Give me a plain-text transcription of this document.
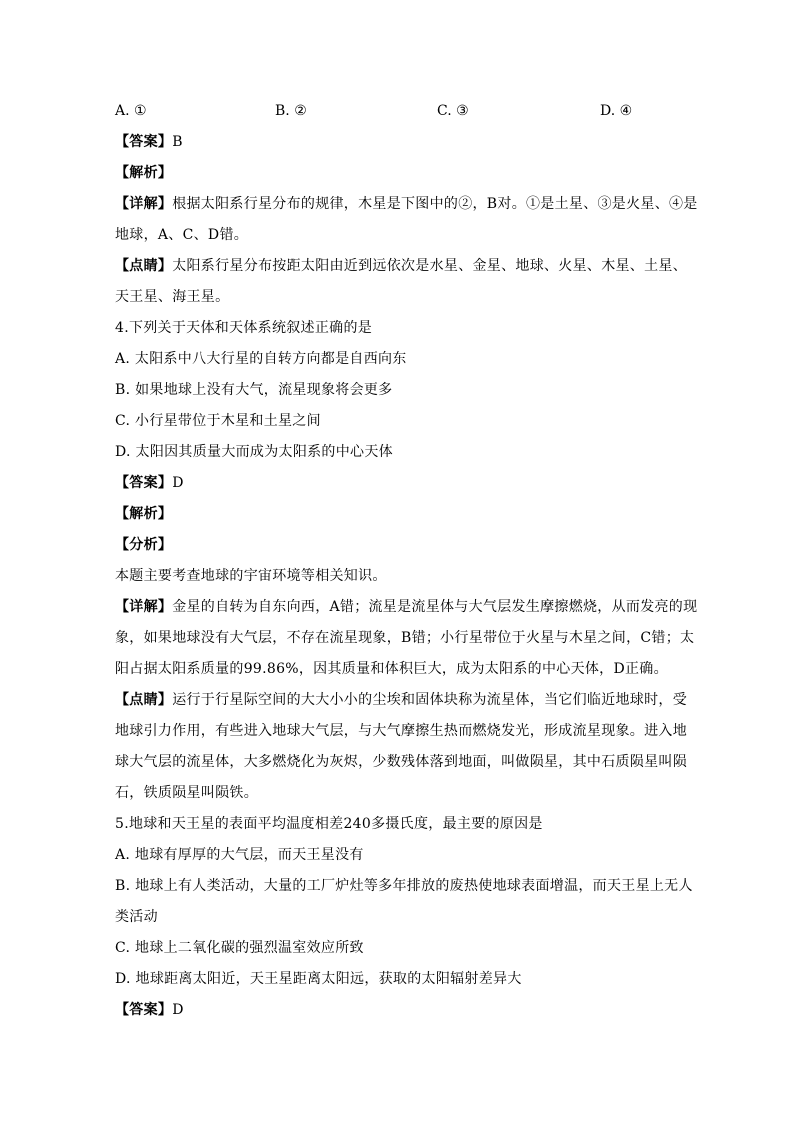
A. ①	B. ②	C. ③	D. ④
【答案】B
【解析】
【详解】根据太阳系行星分布的规律，木星是下图中的②，B对。①是土星、③是火星、④是
地球，A、C、D错。
【点睛】太阳系行星分布按距太阳由近到远依次是水星、金星、地球、火星、木星、土星、
天王星、海王星。
4.下列关于天体和天体系统叙述正确的是
A. 太阳系中八大行星的自转方向都是自西向东
B. 如果地球上没有大气，流星现象将会更多
C. 小行星带位于木星和土星之间
D. 太阳因其质量大而成为太阳系的中心天体
【答案】D
【解析】
【分析】
本题主要考查地球的宇宙环境等相关知识。
【详解】金星的自转为自东向西，A错；流星是流星体与大气层发生摩擦燃烧，从而发亮的现
象，如果地球没有大气层，不存在流星现象，B错；小行星带位于火星与木星之间，C错；太
阳占据太阳系质量的99.86%，因其质量和体积巨大，成为太阳系的中心天体，D正确。
【点睛】运行于行星际空间的大大小小的尘埃和固体块称为流星体，当它们临近地球时，受
地球引力作用，有些进入地球大气层，与大气摩擦生热而燃烧发光，形成流星现象。进入地
球大气层的流星体，大多燃烧化为灰烬，少数残体落到地面，叫做陨星，其中石质陨星叫陨
石，铁质陨星叫陨铁。
5.地球和天王星的表面平均温度相差240多摄氏度，最主要的原因是
A. 地球有厚厚的大气层，而天王星没有
B. 地球上有人类活动，大量的工厂炉灶等多年排放的废热使地球表面增温，而天王星上无人
类活动
C. 地球上二氧化碳的强烈温室效应所致
D. 地球距离太阳近，天王星距离太阳远，获取的太阳辐射差异大
【答案】D
